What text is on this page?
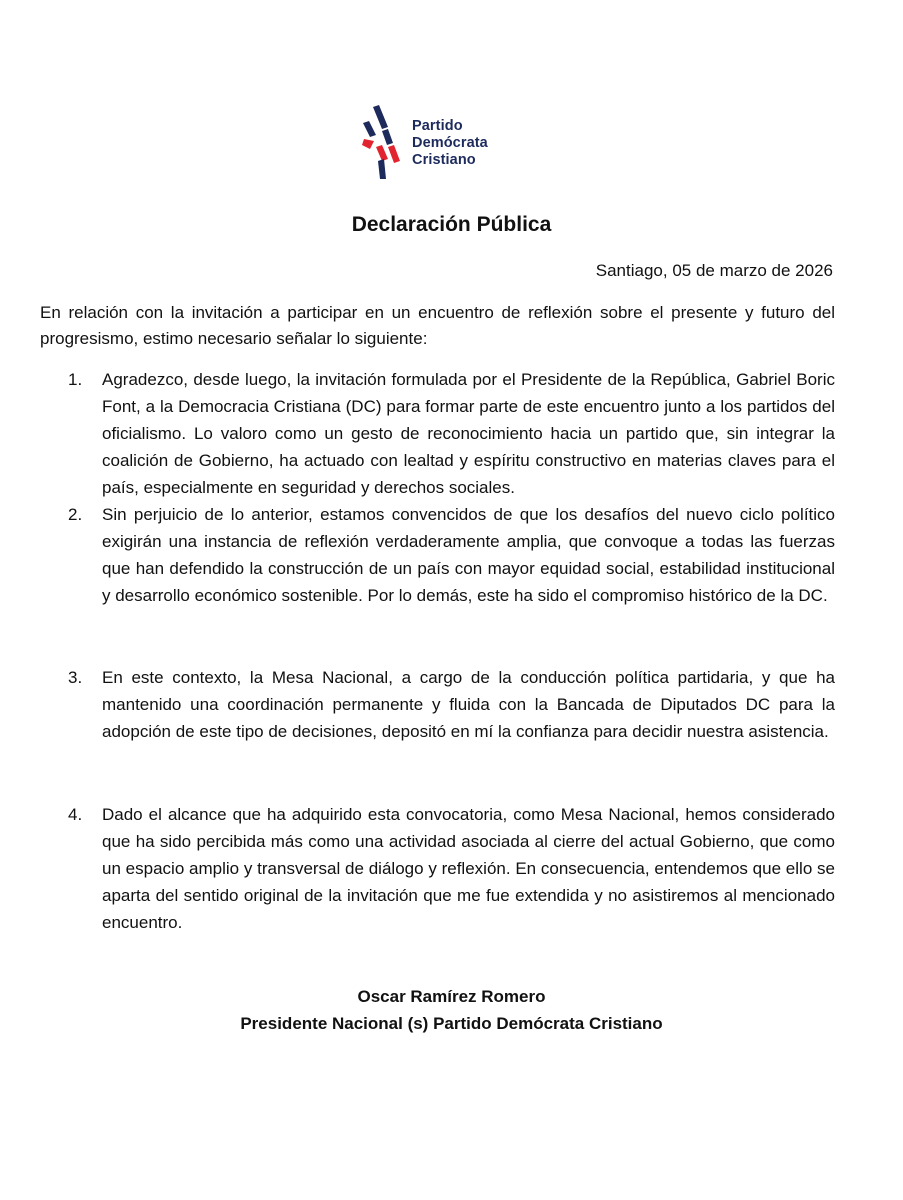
Partido
Demócrata
Cristiano
Declaración Pública
Santiago, 05 de marzo de 2026
En relación con la invitación a participar en un encuentro de reflexión sobre el presente y futuro del progresismo, estimo necesario señalar lo siguiente:
1. Agradezco, desde luego, la invitación formulada por el Presidente de la República, Gabriel Boric Font, a la Democracia Cristiana (DC) para formar parte de este encuentro junto a los partidos del oficialismo. Lo valoro como un gesto de reconocimiento hacia un partido que, sin integrar la coalición de Gobierno, ha actuado con lealtad y espíritu constructivo en materias claves para el país, especialmente en seguridad y derechos sociales.
2. Sin perjuicio de lo anterior, estamos convencidos de que los desafíos del nuevo ciclo político exigirán una instancia de reflexión verdaderamente amplia, que convoque a todas las fuerzas que han defendido la construcción de un país con mayor equidad social, estabilidad institucional y desarrollo económico sostenible. Por lo demás, este ha sido el compromiso histórico de la DC.
3. En este contexto, la Mesa Nacional, a cargo de la conducción política partidaria, y que ha mantenido una coordinación permanente y fluida con la Bancada de Diputados DC para la adopción de este tipo de decisiones, depositó en mí la confianza para decidir nuestra asistencia.
4. Dado el alcance que ha adquirido esta convocatoria, como Mesa Nacional, hemos considerado que ha sido percibida más como una actividad asociada al cierre del actual Gobierno, que como un espacio amplio y transversal de diálogo y reflexión. En consecuencia, entendemos que ello se aparta del sentido original de la invitación que me fue extendida y no asistiremos al mencionado encuentro.
Oscar Ramírez Romero
Presidente Nacional (s) Partido Demócrata Cristiano
